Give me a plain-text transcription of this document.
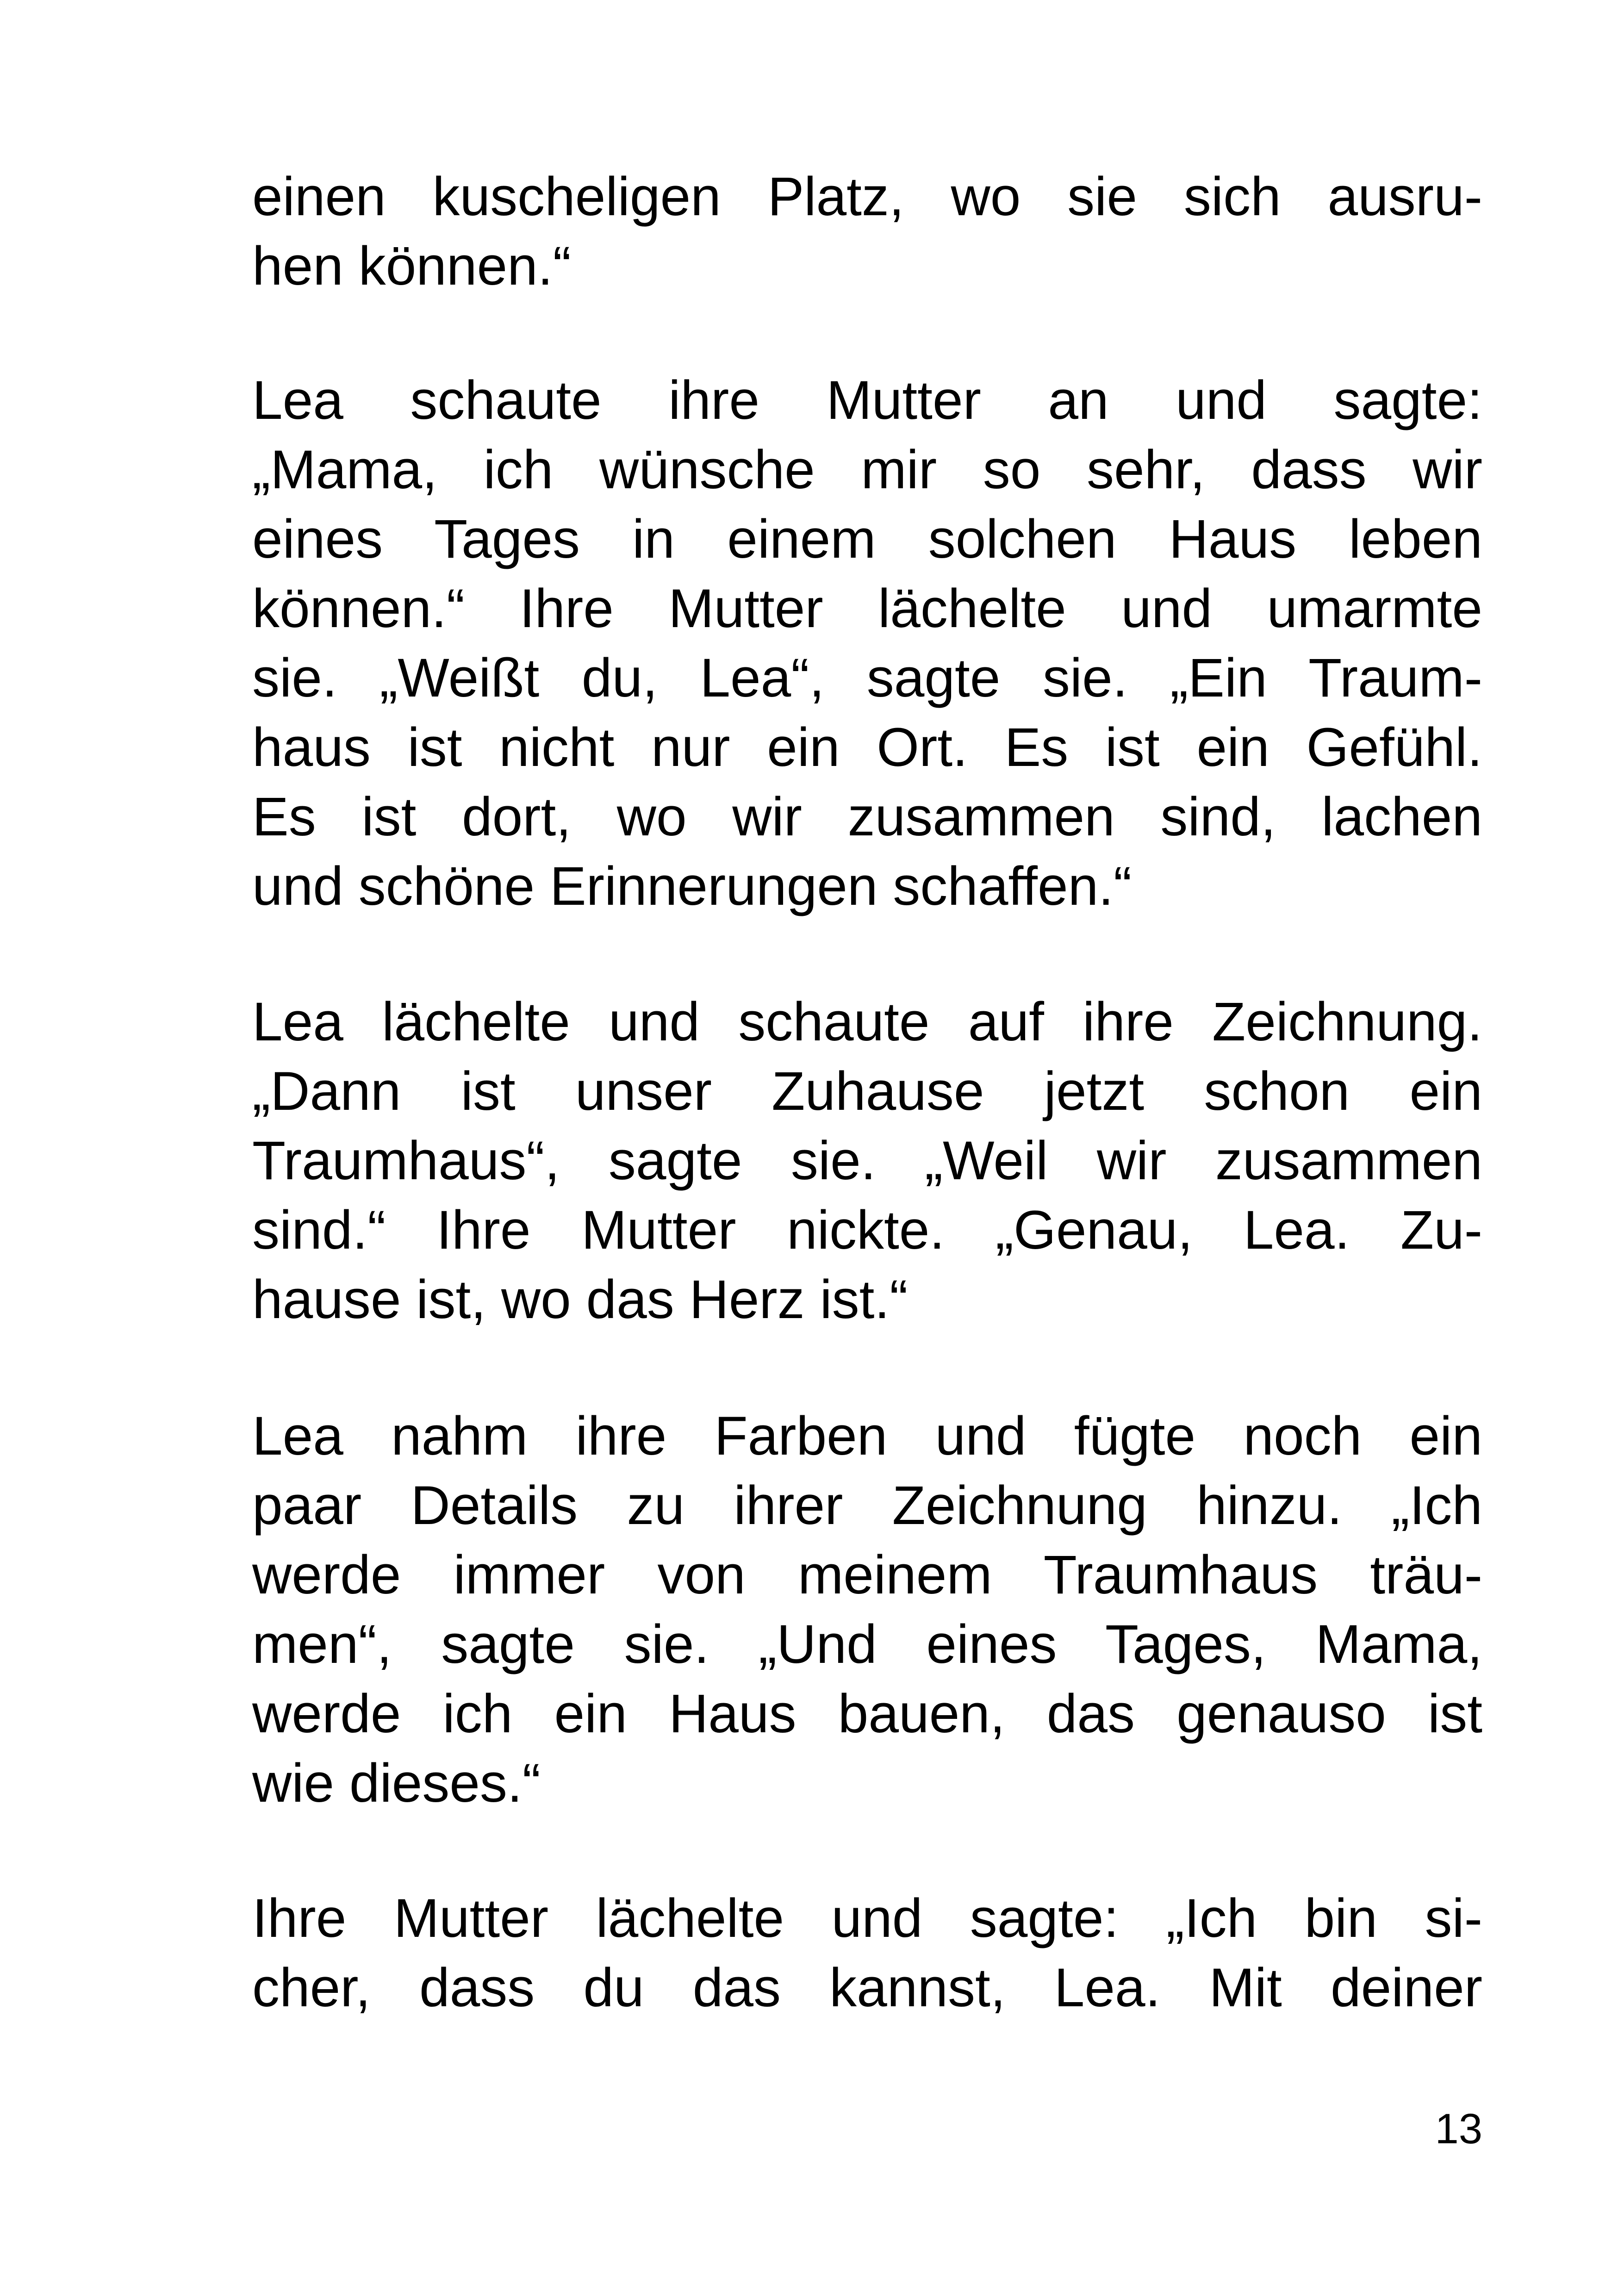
einen kuscheligen Platz, wo sie sich ausru-
hen können.“
Lea schaute ihre Mutter an und sagte:
„Mama, ich wünsche mir so sehr, dass wir
eines Tages in einem solchen Haus leben
können.“ Ihre Mutter lächelte und umarmte
sie. „Weißt du, Lea“, sagte sie. „Ein Traum-
haus ist nicht nur ein Ort. Es ist ein Gefühl.
Es ist dort, wo wir zusammen sind, lachen
und schöne Erinnerungen schaffen.“
Lea lächelte und schaute auf ihre Zeichnung.
„Dann ist unser Zuhause jetzt schon ein
Traumhaus“, sagte sie. „Weil wir zusammen
sind.“ Ihre Mutter nickte. „Genau, Lea. Zu-
hause ist, wo das Herz ist.“
Lea nahm ihre Farben und fügte noch ein
paar Details zu ihrer Zeichnung hinzu. „Ich
werde immer von meinem Traumhaus träu-
men“, sagte sie. „Und eines Tages, Mama,
werde ich ein Haus bauen, das genauso ist
wie dieses.“
Ihre Mutter lächelte und sagte: „Ich bin si-
cher, dass du das kannst, Lea. Mit deiner
13
